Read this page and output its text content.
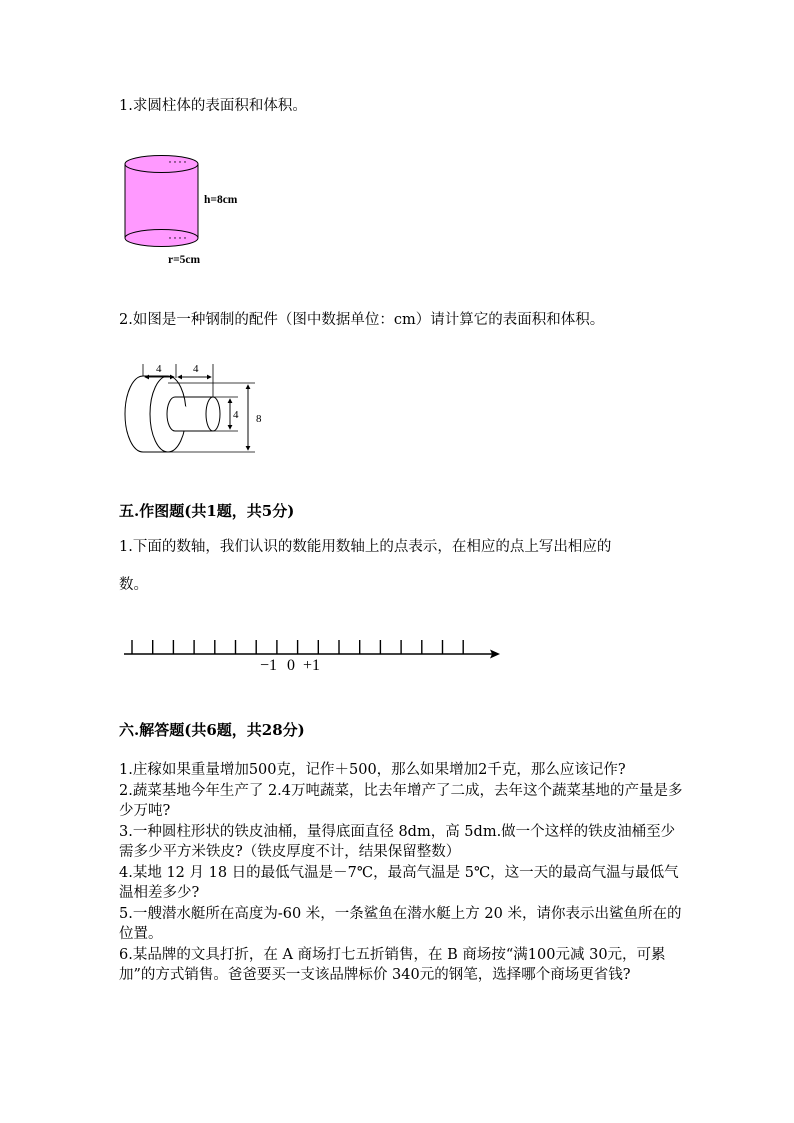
1.求圆柱体的表面积和体积。
h=8cm
r=5cm
2.如图是一种钢制的配件（图中数据单位：cm）请计算它的表面积和体积。
4	4
4 8
五.作图题(共1题，共5分)
1.下面的数轴，我们认识的数能用数轴上的点表示，在相应的点上写出相应的
数。
−1 0 +1
六.解答题(共6题，共28分)
1.庄稼如果重量增加500克，记作＋500，那么如果增加2千克，那么应该记作?
2.蔬菜基地今年生产了 2.4万吨蔬菜，比去年增产了二成，去年这个蔬菜基地的产量是多少万吨?
3.一种圆柱形状的铁皮油桶，量得底面直径 8dm，高 5dm.做一个这样的铁皮油桶至少需多少平方米铁皮?（铁皮厚度不计，结果保留整数）
4.某地 12 月 18 日的最低气温是－7℃，最高气温是 5℃，这一天的最高气温与最低气温相差多少?
5.一艘潜水艇所在高度为-60 米，一条鲨鱼在潜水艇上方 20 米，请你表示出鲨鱼所在的位置。
6.某品牌的文具打折，在 A 商场打七五折销售，在 B 商场按“满100元减 30元，可累加”的方式销售。爸爸要买一支该品牌标价 340元的钢笔，选择哪个商场更省钱?
